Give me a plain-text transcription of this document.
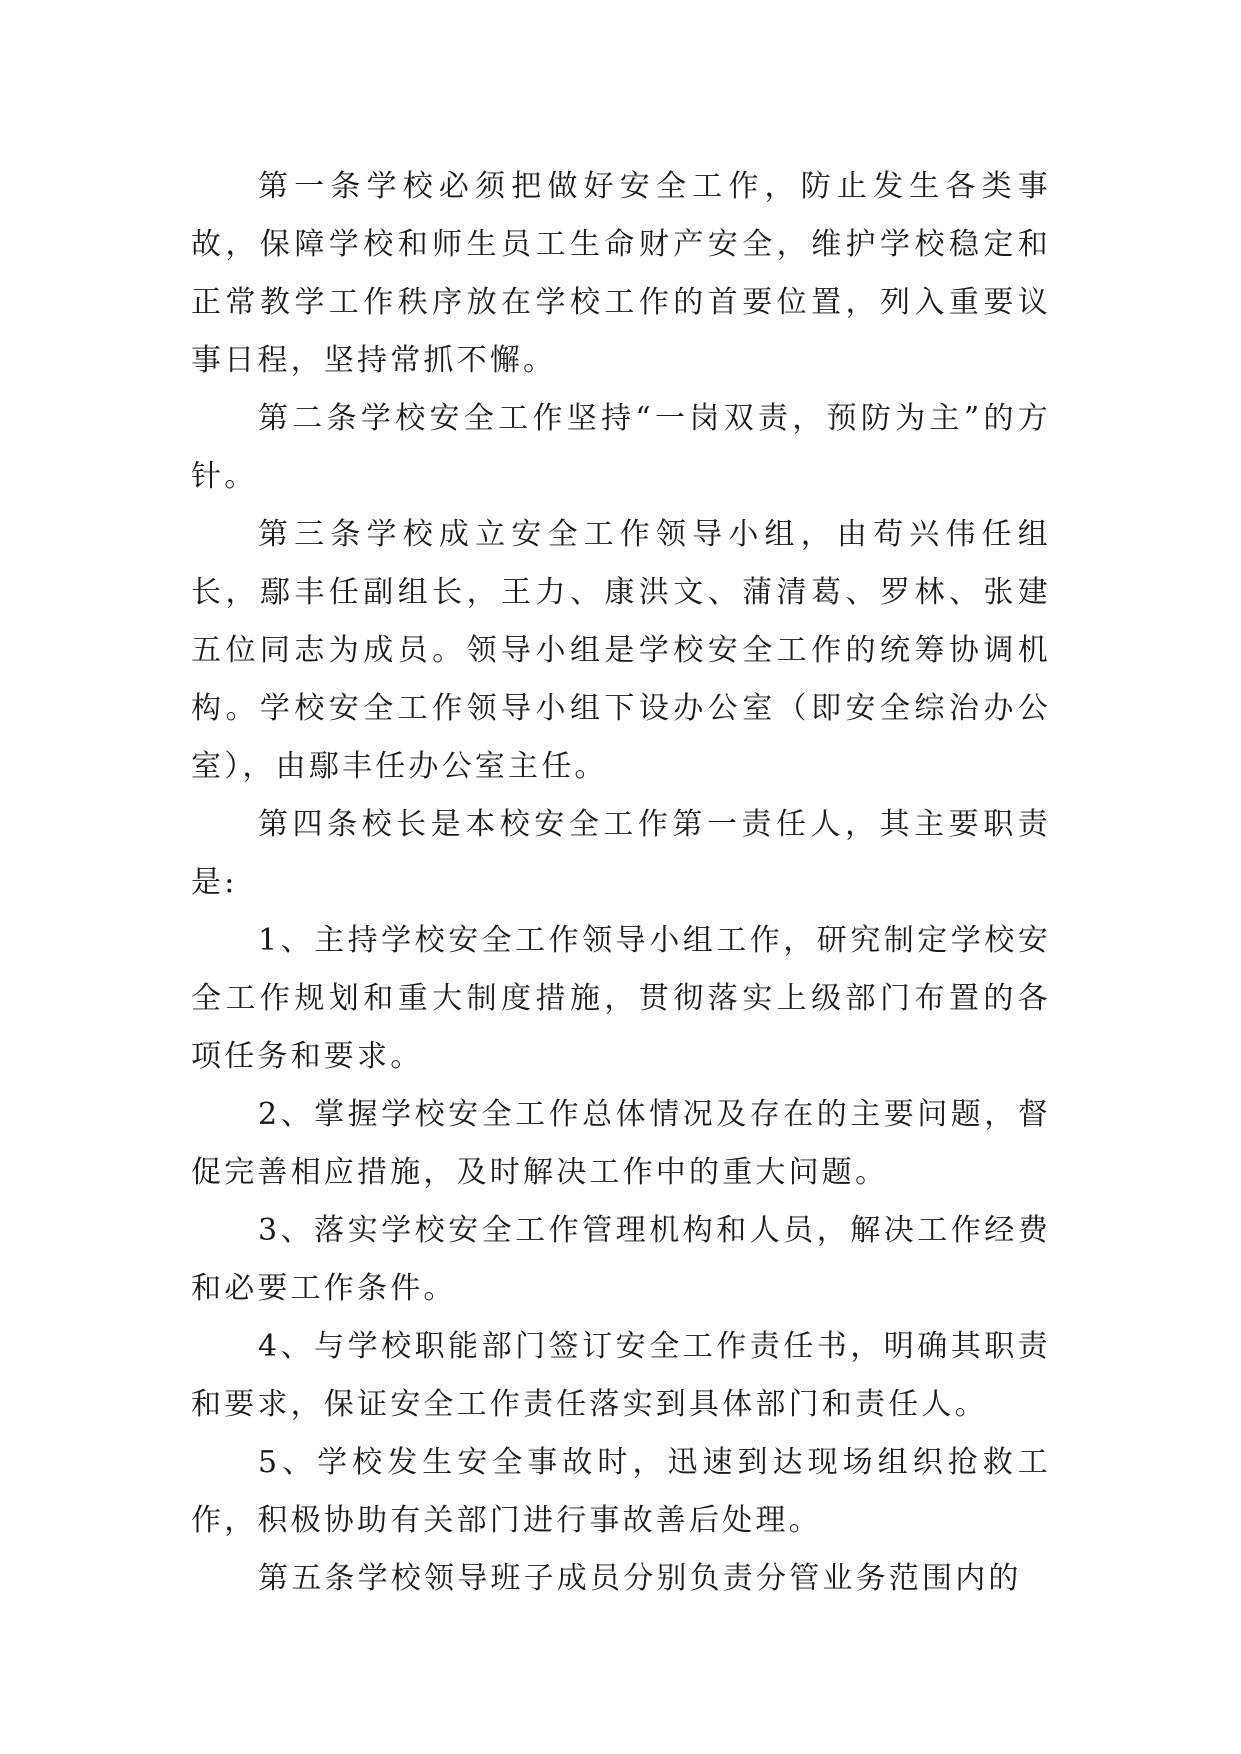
第一条学校必须把做好安全工作，防止发生各类事故，保障学校和师生员工生命财产安全，维护学校稳定和正常教学工作秩序放在学校工作的首要位置，列入重要议事日程，坚持常抓不懈。

第二条学校安全工作坚持“一岗双责，预防为主”的方针。

第三条学校成立安全工作领导小组，由苟兴伟任组长，鄢丰任副组长，王力、康洪文、蒲清葛、罗林、张建五位同志为成员。领导小组是学校安全工作的统筹协调机构。学校安全工作领导小组下设办公室（即安全综治办公室），由鄢丰任办公室主任。

第四条校长是本校安全工作第一责任人，其主要职责是:

1、主持学校安全工作领导小组工作，研究制定学校安全工作规划和重大制度措施，贯彻落实上级部门布置的各项任务和要求。

2、掌握学校安全工作总体情况及存在的主要问题，督促完善相应措施，及时解决工作中的重大问题。

3、落实学校安全工作管理机构和人员，解决工作经费和必要工作条件。

4、与学校职能部门签订安全工作责任书，明确其职责和要求，保证安全工作责任落实到具体部门和责任人。

5、学校发生安全事故时，迅速到达现场组织抢救工作，积极协助有关部门进行事故善后处理。

第五条学校领导班子成员分别负责分管业务范围内的
